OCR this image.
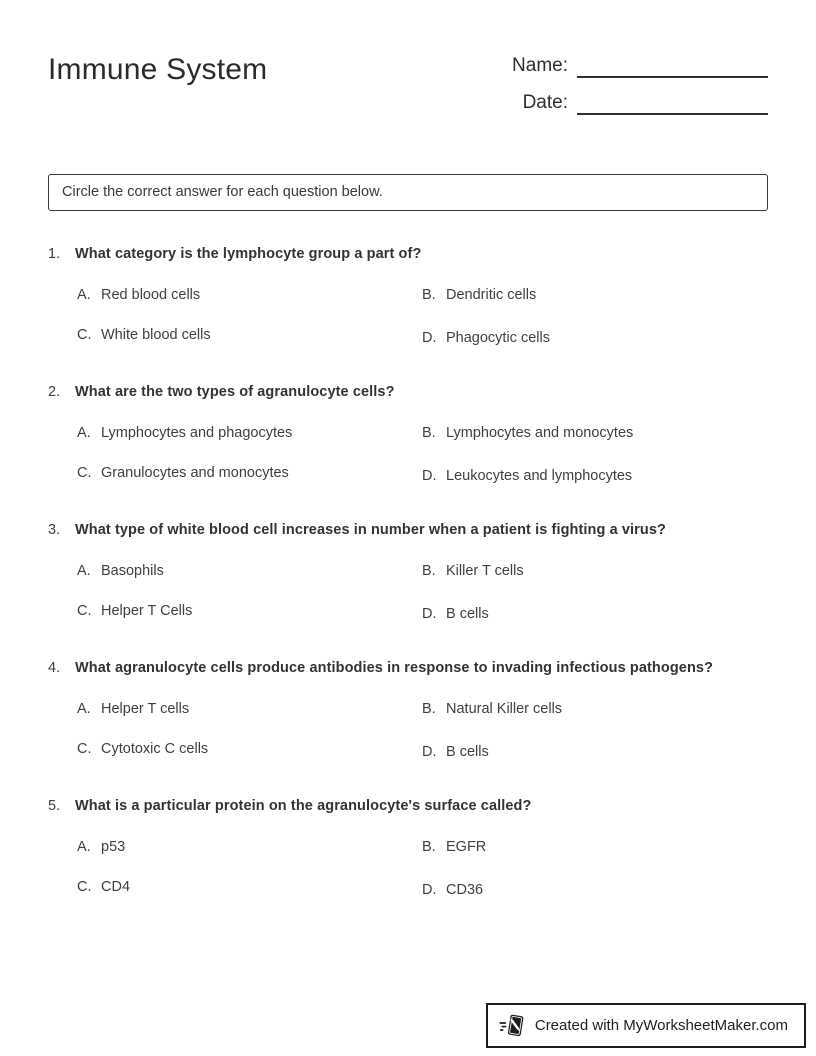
Immune System	Name:
Date:
Circle the correct answer for each question below.
1.	What category is the lymphocyte group a part of?
A. Red blood cells	B. Dendritic cells
C. White blood cells	D. Phagocytic cells
2.	What are the two types of agranulocyte cells?
A. Lymphocytes and phagocytes	B. Lymphocytes and monocytes
C. Granulocytes and monocytes	D. Leukocytes and lymphocytes
3.	What type of white blood cell increases in number when a patient is fighting a virus?
A. Basophils	B. Killer T cells
C. Helper T Cells	D. B cells
4.	What agranulocyte cells produce antibodies in response to invading infectious pathogens?
A. Helper T cells	B. Natural Killer cells
C. Cytotoxic C cells	D. B cells
5.	What is a particular protein on the agranulocyte's surface called?
A. p53	B. EGFR
C. CD4	D. CD36
Created with MyWorksheetMaker.com
